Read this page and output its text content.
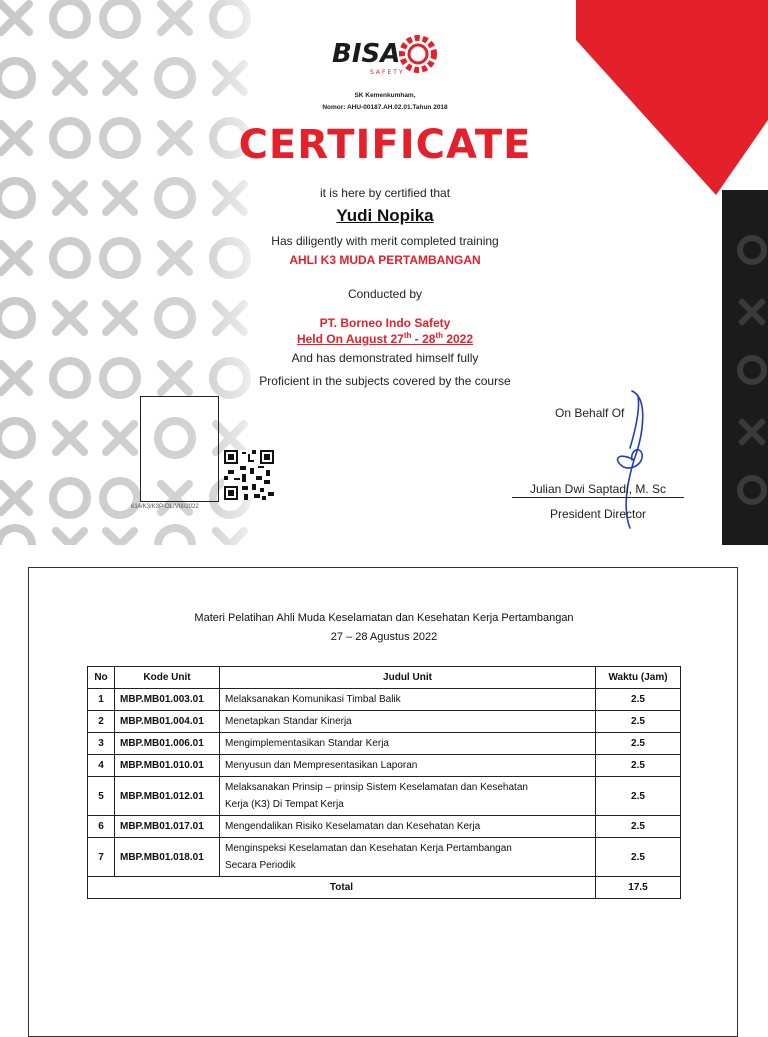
BISA
SAFETY
SK Kemenkumham,
Nomor: AHU-00187.AH.02.01.Tahun 2018
CERTIFICATE
it is here by certified that
Yudi Nopika
Has diligently with merit completed training
AHLI K3 MUDA PERTAMBANGAN
Conducted by
PT. Borneo Indo Safety
Held On August 27th - 28th 2022
And has demonstrated himself fully
Proficient in the subjects covered by the course
614/K3/K3P-OL/VIII/2022
On Behalf Of
Julian Dwi Saptadi, M. Sc
President Director
Materi Pelatihan Ahli Muda Keselamatan dan Kesehatan Kerja Pertambangan
27 – 28 Agustus 2022
No	Kode Unit	Judul Unit	Waktu (Jam)
1	MBP.MB01.003.01	Melaksanakan Komunikasi Timbal Balik	2.5
2	MBP.MB01.004.01	Menetapkan Standar Kinerja	2.5
3	MBP.MB01.006.01	Mengimplementasikan Standar Kerja	2.5
4	MBP.MB01.010.01	Menyusun dan Mempresentasikan Laporan	2.5
5	MBP.MB01.012.01	Melaksanakan Prinsip – prinsip Sistem Keselamatan dan Kesehatan
Kerja (K3) Di Tempat Kerja	2.5
6	MBP.MB01.017.01	Mengendalikan Risiko Keselamatan dan Kesehatan Kerja	2.5
7	MBP.MB01.018.01	Menginspeksi Keselamatan dan Kesehatan Kerja Pertambangan
Secara Periodik	2.5
Total			17.5
